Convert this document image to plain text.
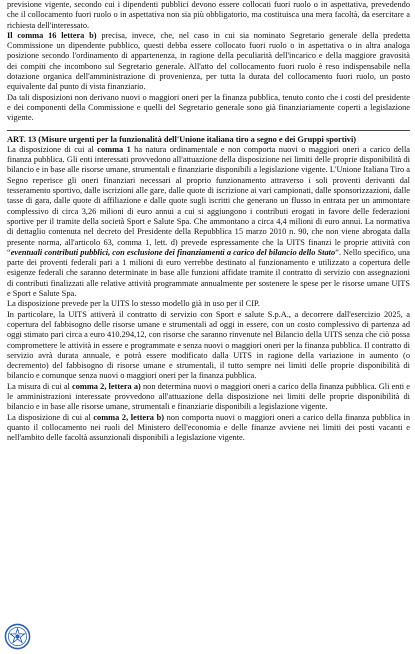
previsione vigente, secondo cui i dipendenti pubblici devono essere collocati fuori ruolo o in aspettativa, prevedendo che il collocamento fuori ruolo o in aspettativa non sia più obbligatorio, ma costituisca una mera facoltà, da esercitare a richiesta dell'interessato.

Il comma 16 lettera b) precisa, invece, che, nel caso in cui sia nominato Segretario generale della predetta Commissione un dipendente pubblico, questi debba essere collocato fuori ruolo o in aspettativa o in altra analoga posizione secondo l'ordinamento di appartenenza, in ragione della peculiarità dell'incarico e della maggiore gravosità dei compiti che incombono sul Segretario generale. All'atto del collocamento fuori ruolo è reso indispensabile nella dotazione organica dell'amministrazione di provenienza, per tutta la durata del collocamento fuori ruolo, un posto equivalente dal punto di vista finanziario.

Da tali disposizioni non derivano nuovi o maggiori oneri per la finanza pubblica, tenuto conto che i costi del presidente e dei componenti della Commissione e quelli del Segretario generale sono già finanziariamente coperti a legislazione vigente.

ART. 13 (Misure urgenti per la funzionalità dell'Unione italiana tiro a segno e dei Gruppi sportivi)

La disposizione di cui al comma 1 ha natura ordinamentale e non comporta nuovi o maggiori oneri a carico della finanza pubblica. Gli enti interessati provvedono all'attuazione della disposizione nei limiti delle proprie disponibilità di bilancio e in base alle risorse umane, strumentali e finanziarie disponibili a legislazione vigente. L'Unione Italiana Tiro a Segno reperisce gli oneri finanziari necessari al proprio funzionamento attraverso i soli proventi derivanti dal tesseramento sportivo, dalle iscrizioni alle gare, dalle quote di iscrizione ai vari campionati, dalle sponsorizzazioni, dalle tasse di gara, dalle quote di affiliazione e dalle quote sugli iscritti che generano un flusso in entrata per un ammontare complessivo di circa 3,26 milioni di euro annui a cui si aggiungono i contributi erogati in favore delle federazioni sportive per il tramite della società Sport e Salute Spa. Che ammontano a circa 4,4 milioni di euro annui. La normativa di dettaglio contenuta nel decreto del Presidente della Repubblica 15 marzo 2010 n. 90, che non viene abrogata dalla presente norma, all'articolo 63, comma 1, lett. d) prevede espressamente che la UITS finanzi le proprie attività con “eventuali contributi pubblici, con esclusione dei finanziamenti a carico del bilancio dello Stato”. Nello specifico, una parte dei proventi federali pari a 1 milioni di euro verrebbe destinato al funzionamento e utilizzato a copertura delle esigenze federali che saranno determinate in base alle funzioni affidate tramite il contratto di servizio con assegnazioni di contributi finalizzati alle relative attività programmate annualmente per sostenere le spese per le risorse umane UITS e Sport e Salute Spa.

La disposizione prevede per la UITS lo stesso modello già in uso per il CIP.

In particolare, la UITS attiverà il contratto di servizio con Sport e salute S.p.A., a decorrere dall'esercizio 2025, a copertura del fabbisogno delle risorse umane e strumentali ad oggi in essere, con un costo complessivo di partenza ad oggi stimato pari circa a euro 410.294,12, con risorse che saranno rinvenute nel Bilancio della UITS senza che ciò possa compromettere le attività in essere e programmate e senza nuovi o maggiori oneri per la finanza pubblica. Il contratto di servizio avrà durata annuale, e potrà essere modificato dalla UITS in ragione della variazione in aumento (o decremento) del fabbisogno di risorse umane e strumentali, il tutto sempre nei limiti delle proprie disponibilità di bilancio e comunque senza nuovi o maggiori oneri per la finanza pubblica.

La misura di cui al comma 2, lettera a) non determina nuovi o maggiori oneri a carico della finanza pubblica. Gli enti e le amministrazioni interessate provvedono all'attuazione della disposizione nei limiti delle proprie disponibilità di bilancio e in base alle risorse umane, strumentali e finanziarie disponibili a legislazione vigente.

La disposizione di cui al comma 2, lettera b) non comporta nuovi o maggiori oneri a carico della finanza pubblica in quanto il collocamento nei ruoli del Ministero dell'economia e delle finanze avviene nei limiti dei posti vacanti e nell'ambito delle facoltà assunzionali disponibili a legislazione vigente.
